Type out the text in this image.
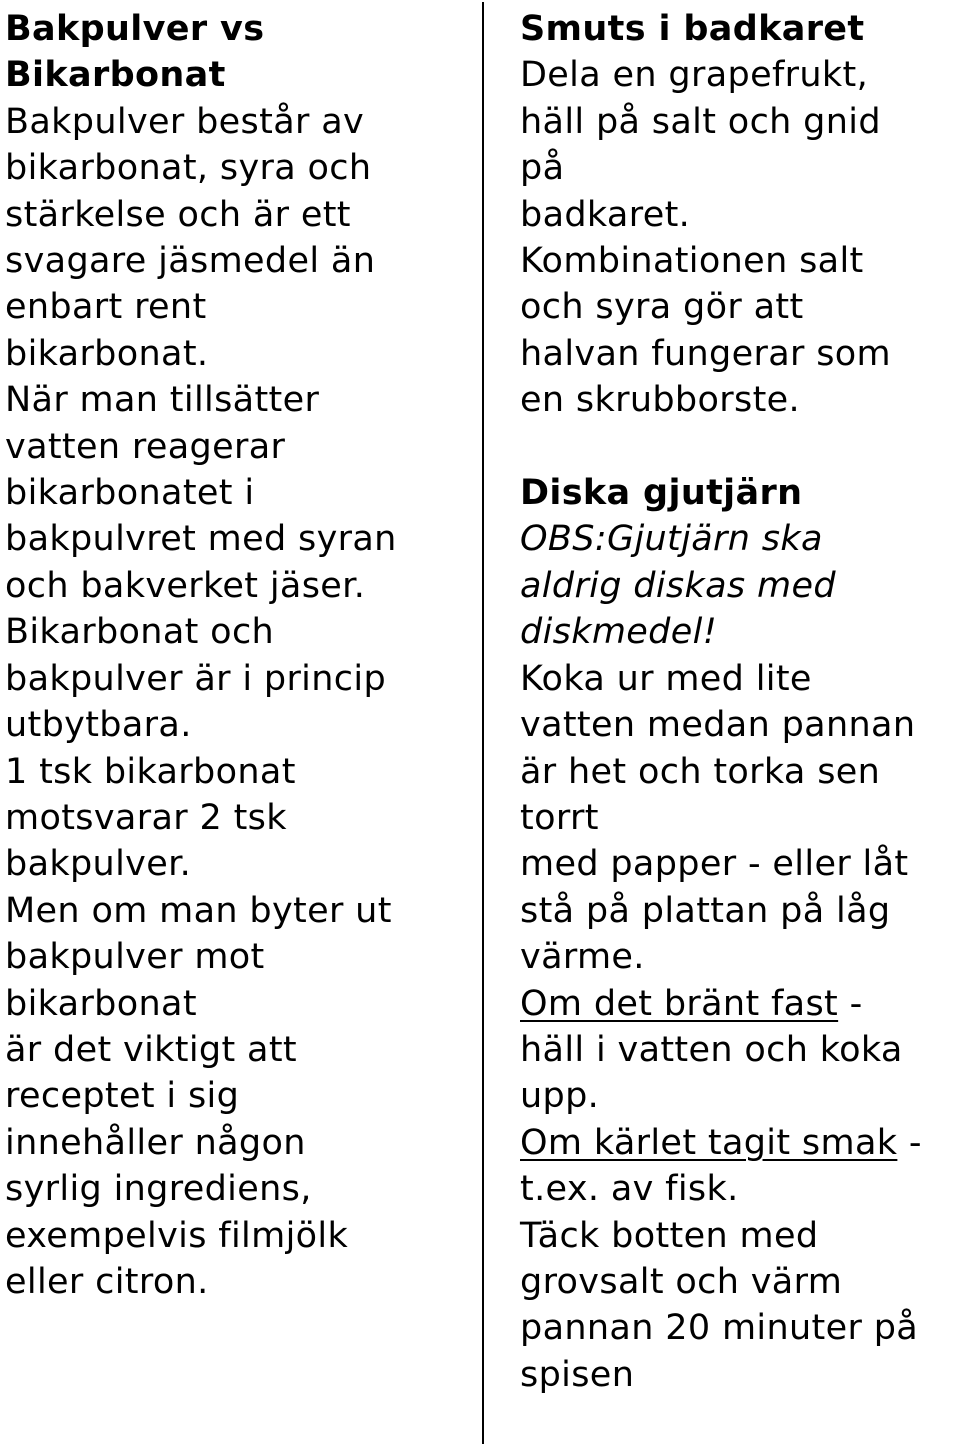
Bakpulver vs
Bikarbonat
Bakpulver består av
bikarbonat, syra och
stärkelse och är ett
svagare jäsmedel än
enbart rent
bikarbonat.
När man tillsätter
vatten reagerar
bikarbonatet i
bakpulvret med syran
och bakverket jäser.
Bikarbonat och
bakpulver är i princip
utbytbara.
1 tsk bikarbonat
motsvarar 2 tsk
bakpulver.
Men om man byter ut
bakpulver mot
bikarbonat
är det viktigt att
receptet i sig
innehåller någon
syrlig ingrediens,
exempelvis filmjölk
eller citron.
Smuts i badkaret
Dela en grapefrukt,
häll på salt och gnid
på
badkaret.
Kombinationen salt
och syra gör att
halvan fungerar som
en skrubborste.

Diska gjutjärn
OBS:Gjutjärn ska
aldrig diskas med
diskmedel!
Koka ur med lite
vatten medan pannan
är het och torka sen
torrt
med papper - eller låt
stå på plattan på låg
värme.
Om det bränt fast -
häll i vatten och koka
upp.
Om kärlet tagit smak -
t.ex. av fisk.
Täck botten med
grovsalt och värm
pannan 20 minuter på
spisen
